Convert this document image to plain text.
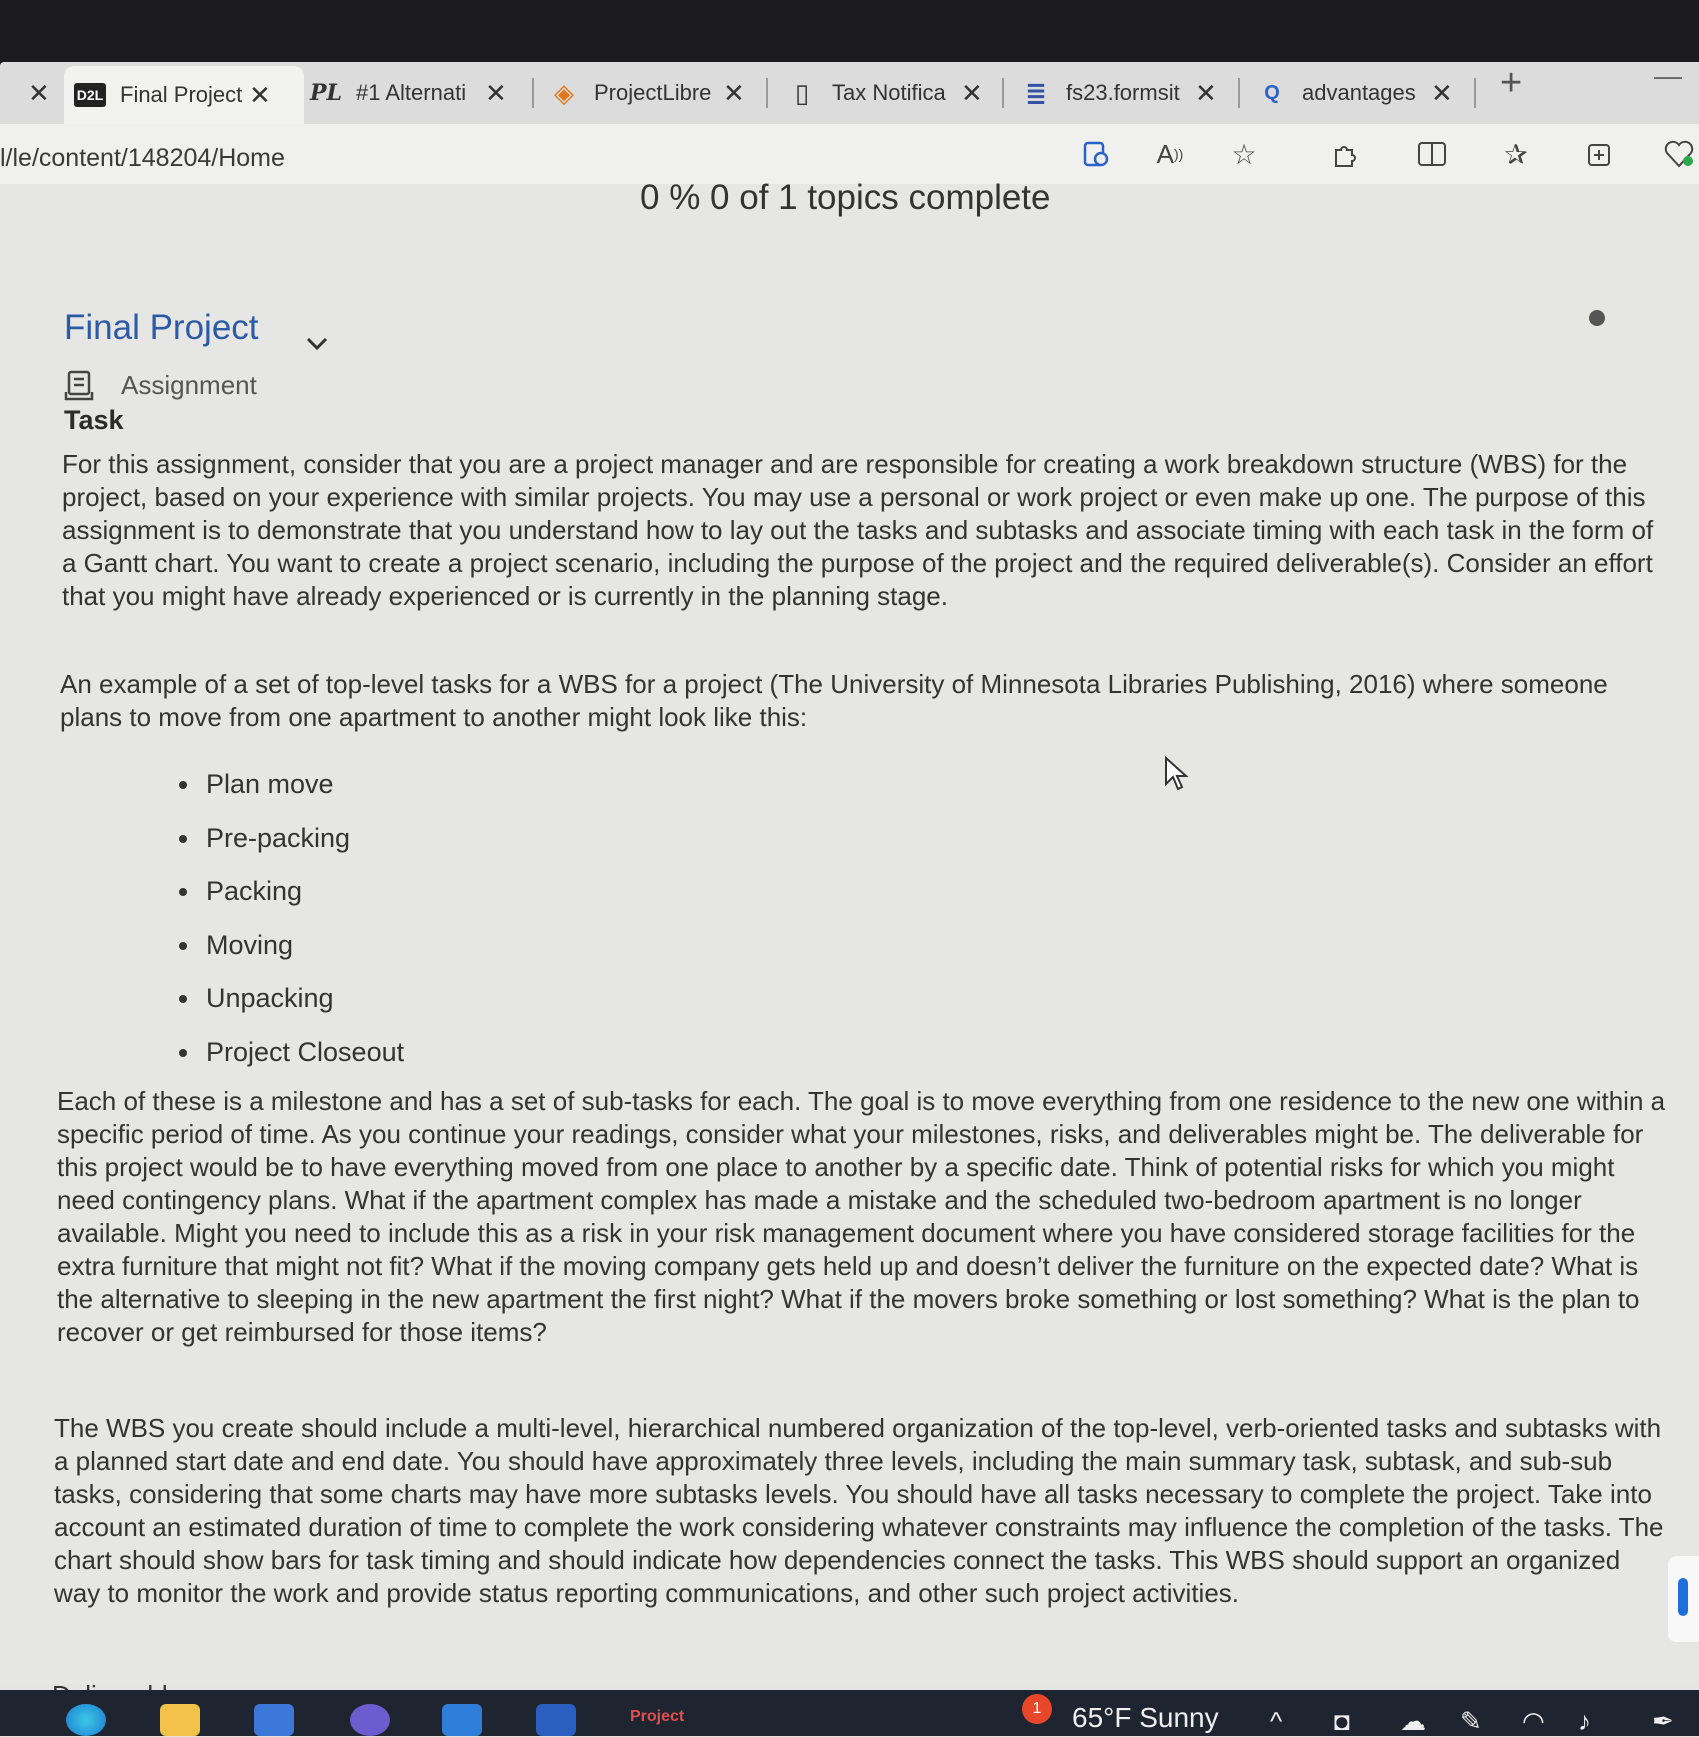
✕ D2L Final Project ✕ PL #1 Alternati ✕ ◈ ProjectLibre ✕	▯	Tax Notifica ✕ ≣ fs23.formsit ✕	Q	advantages ✕ +	—
l/le/content/148204/Home	A )) ☆	✰
0 % 0 of 1 topics complete
Final Project
Assignment
Task

For this assignment, consider that you are a project manager and are responsible for creating a work breakdown structure (WBS) for the project, based on your experience with similar projects. You may use a personal or work project or even make up one. The purpose of this assignment is to demonstrate that you understand how to lay out the tasks and subtasks and associate timing with each task in the form of a Gantt chart. You want to create a project scenario, including the purpose of the project and the required deliverable(s). Consider an effort that you might have already experienced or is currently in the planning stage.

An example of a set of top-level tasks for a WBS for a project (The University of Minnesota Libraries Publishing, 2016) where someone plans to move from one apartment to another might look like this:

• Plan move
• Pre-packing
• Packing
• Moving
• Unpacking
• Project Closeout

Each of these is a milestone and has a set of sub-tasks for each. The goal is to move everything from one residence to the new one within a specific period of time. As you continue your readings, consider what your milestones, risks, and deliverables might be. The deliverable for this project would be to have everything moved from one place to another by a specific date. Think of potential risks for which you might need contingency plans. What if the apartment complex has made a mistake and the scheduled two-bedroom apartment is no longer available. Might you need to include this as a risk in your risk management document where you have considered storage facilities for the extra furniture that might not fit? What if the moving company gets held up and doesn’t deliver the furniture on the expected date? What is the alternative to sleeping in the new apartment the first night? What if the movers broke something or lost something? What is the plan to recover or get reimbursed for those items?

The WBS you create should include a multi-level, hierarchical numbered organization of the top-level, verb-oriented tasks and subtasks with a planned start date and end date. You should have approximately three levels, including the main summary task, subtask, and sub-sub tasks, considering that some charts may have more subtasks levels. You should have all tasks necessary to complete the project. Take into account an estimated duration of time to complete the work considering whatever constraints may influence the completion of the tasks. The chart should show bars for task timing and should indicate how dependencies connect the tasks. This WBS should support an organized way to monitor the work and provide status reporting communications, and other such project activities.

Project	1	65°F Sunny ^ ◘ ☁ ✎ ◠ ♪ ✒
